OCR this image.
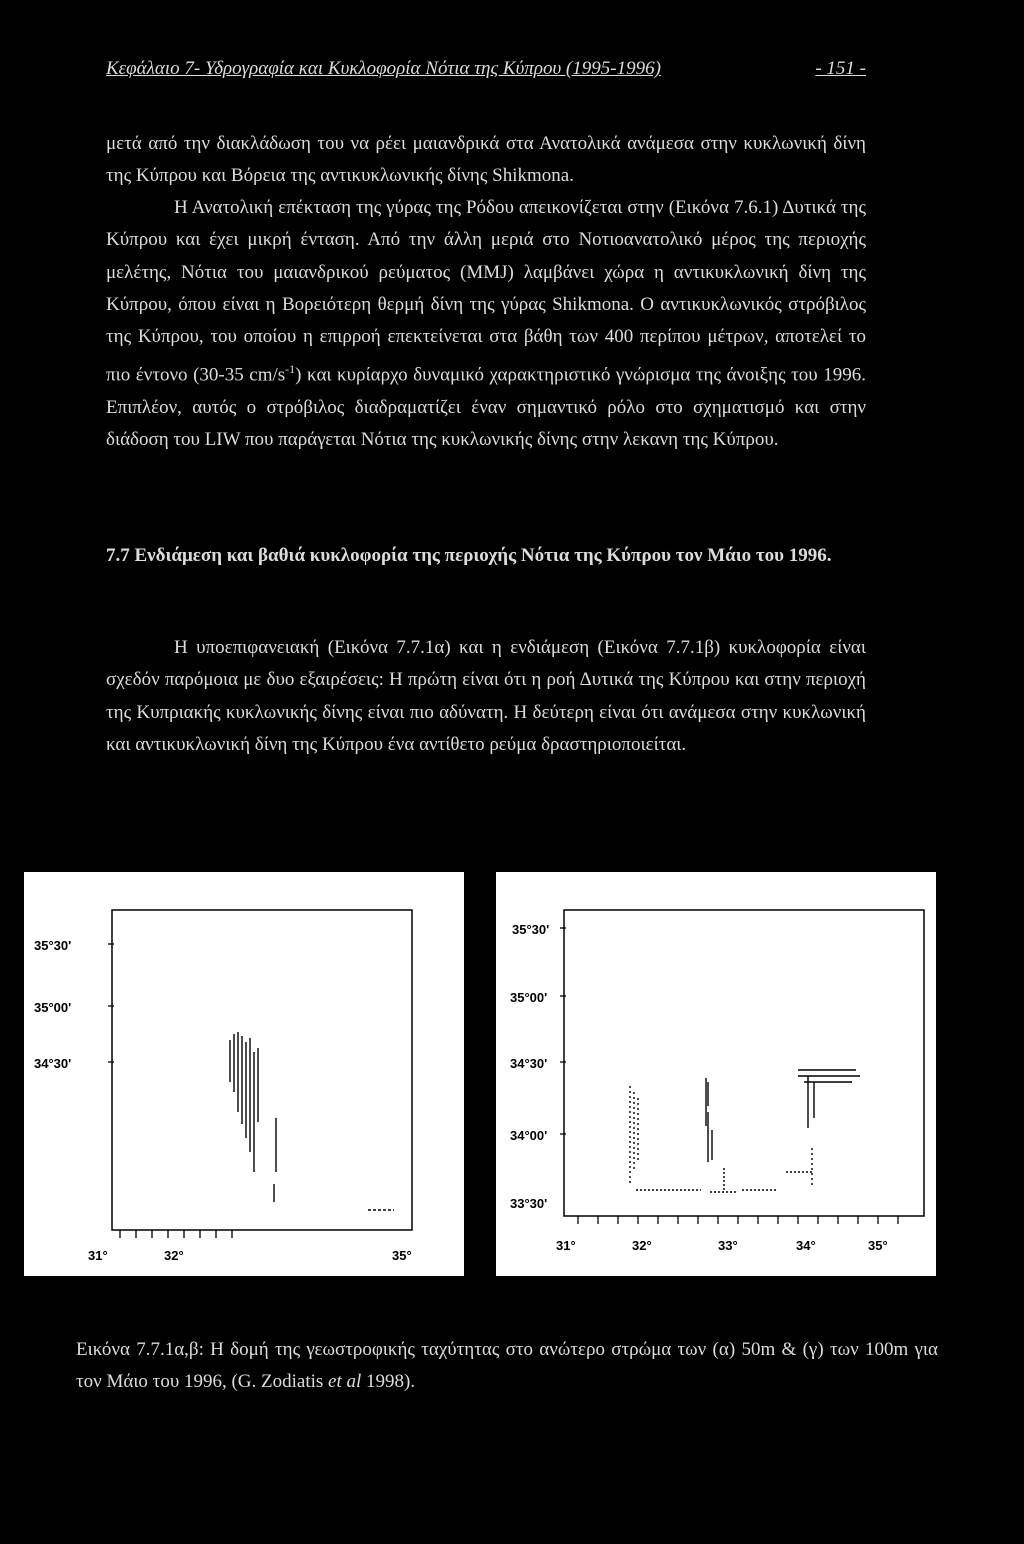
Κεφάλαιο 7- Υδρογραφία και Κυκλοφορία Νότια της Κύπρου (1995-1996)	- 151 -

μετά από την διακλάδωση του να ρέει μαιανδρικά στα Ανατολικά ανάμεσα στην κυκλωνική δίνη της Κύπρου και Βόρεια της αντικυκλωνικής δίνης Shikmona.

Η Ανατολική επέκταση της γύρας της Ρόδου απεικονίζεται στην (Εικόνα 7.6.1) Δυτικά της Κύπρου και έχει μικρή ένταση. Από την άλλη μεριά στο Νοτιοανατολικό μέρος της περιοχής μελέτης, Νότια του μαιανδρικού ρεύματος (MMJ) λαμβάνει χώρα η αντικυκλωνική δίνη της Κύπρου, όπου είναι η Βορειότερη θερμή δίνη της γύρας Shikmona. Ο αντικυκλωνικός στρόβιλος της Κύπρου, του οποίου η επιρροή επεκτείνεται στα βάθη των 400 περίπου μέτρων, αποτελεί το πιο έντονο (30-35 $cm/s^{-1}$) και κυρίαρχο δυναμικό χαρακτηριστικό γνώρισμα της άνοιξης του 1996. Επιπλέον, αυτός ο στρόβιλος διαδραματίζει έναν σημαντικό ρόλο στο σχηματισμό και στην διάδοση του LIW που παράγεται Νότια της κυκλωνικής δίνης στην λεκανη της Κύπρου.

7.7 Ενδιάμεση και βαθιά κυκλοφορία της περιοχής Νότια της Κύπρου τον Μάιο του 1996.

Η υποεπιφανειακή (Εικόνα 7.7.1α) και η ενδιάμεση (Εικόνα 7.7.1β) κυκλοφορία είναι σχεδόν παρόμοια με δυο εξαιρέσεις: Η πρώτη είναι ότι η ροή Δυτικά της Κύπρου και στην περιοχή της Κυπριακής κυκλωνικής δίνης είναι πιο αδύνατη. Η δεύτερη είναι ότι ανάμεσα στην κυκλωνική και αντικυκλωνική δίνη της Κύπρου ένα αντίθετο ρεύμα δραστηριοποιείται.

35°30'
35°00'
34°30'
31°	32°	35°
35°30'
35°00'
34°30'
34°00'
33°30'
31°	32°	33°	34°	35°

Εικόνα 7.7.1α,β: Η δομή της γεωστροφικής ταχύτητας στο ανώτερο στρώμα των (α) 50m & (γ) των 100m για τον Μάιο του 1996, (G. Zodiatis et al 1998).
